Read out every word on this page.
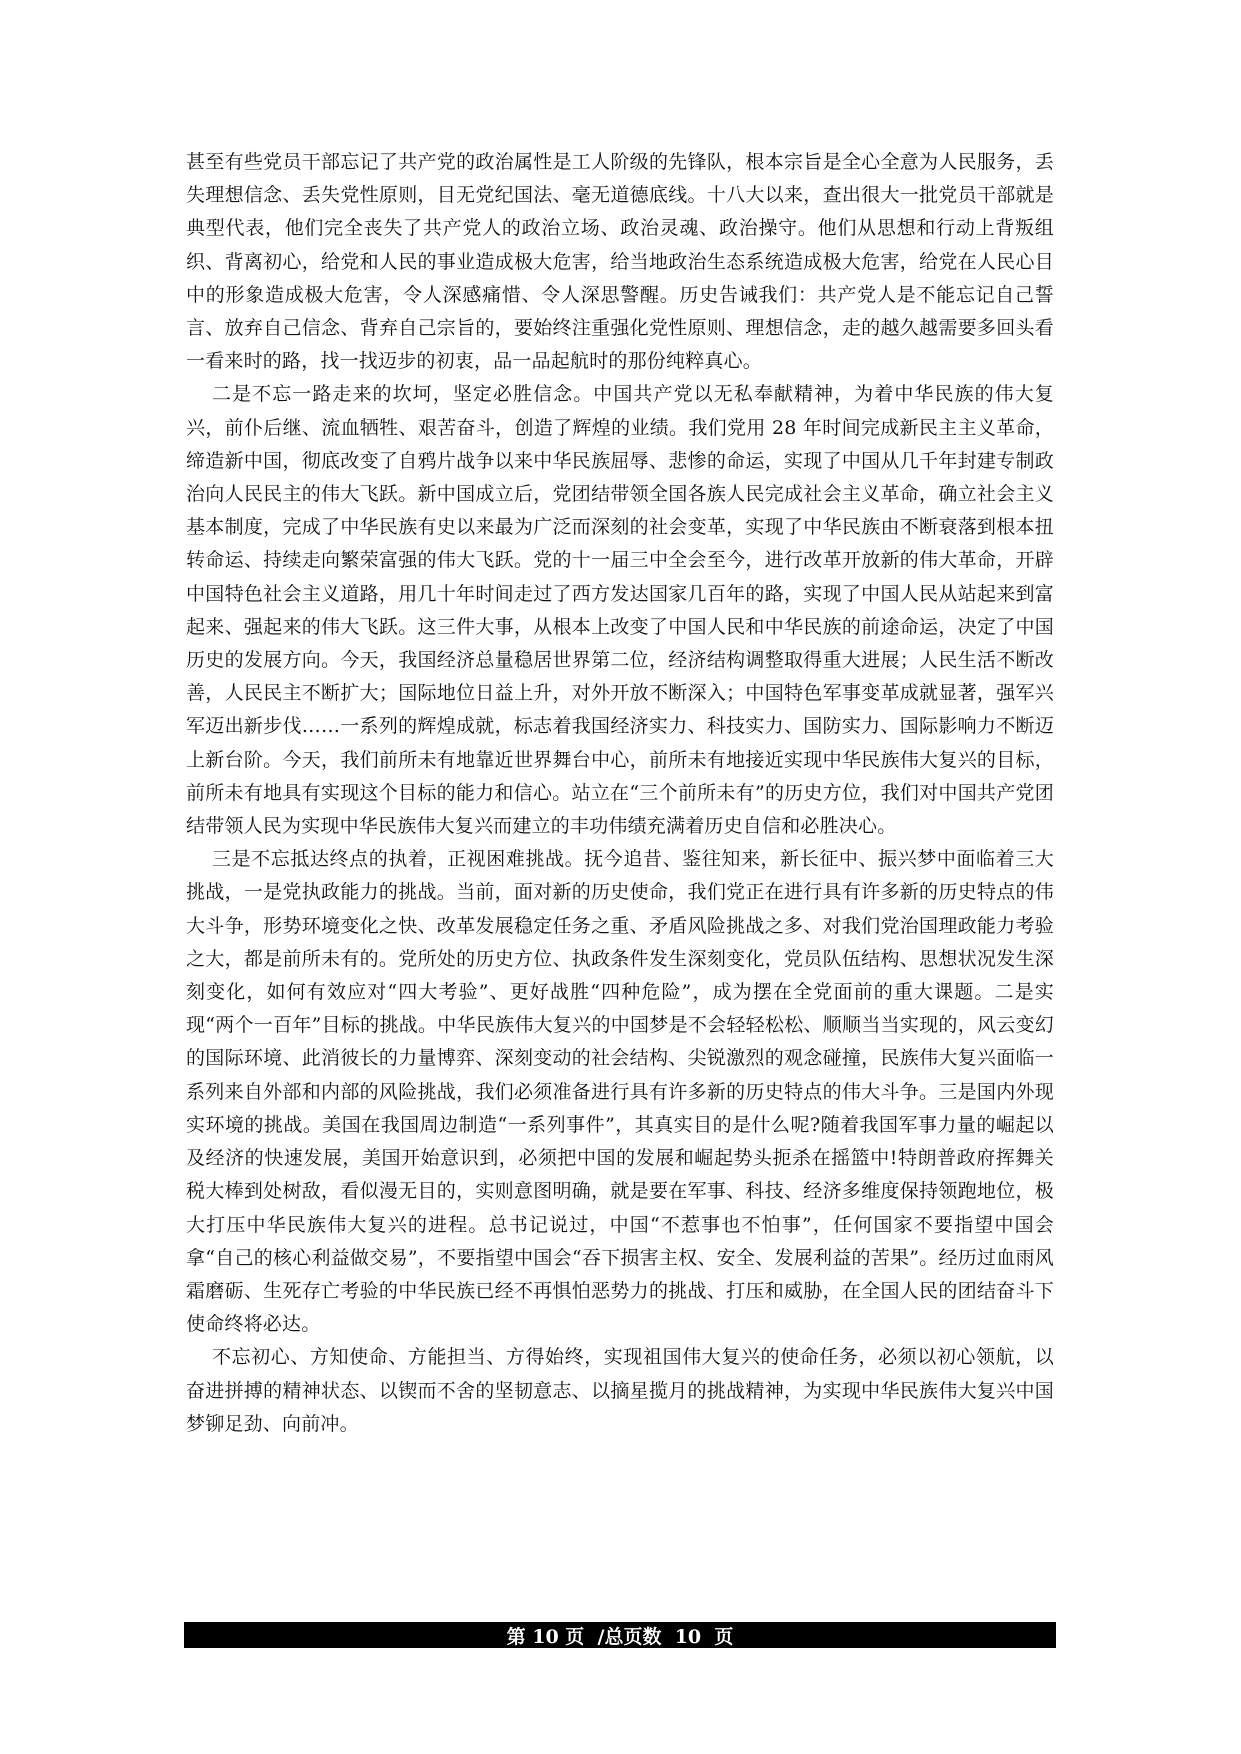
甚至有些党员干部忘记了共产党的政治属性是工人阶级的先锋队，根本宗旨是全心全意为人民服务，丢失理想信念、丢失党性原则，目无党纪国法、毫无道德底线。十八大以来，查出很大一批党员干部就是典型代表，他们完全丧失了共产党人的政治立场、政治灵魂、政治操守。他们从思想和行动上背叛组织、背离初心，给党和人民的事业造成极大危害，给当地政治生态系统造成极大危害，给党在人民心目中的形象造成极大危害，令人深感痛惜、令人深思警醒。历史告诫我们：共产党人是不能忘记自己誓言、放弃自己信念、背弃自己宗旨的，要始终注重强化党性原则、理想信念，走的越久越需要多回头看一看来时的路，找一找迈步的初衷，品一品起航时的那份纯粹真心。

二是不忘一路走来的坎坷，坚定必胜信念。中国共产党以无私奉献精神，为着中华民族的伟大复兴，前仆后继、流血牺牲、艰苦奋斗，创造了辉煌的业绩。我们党用 28 年时间完成新民主主义革命，缔造新中国，彻底改变了自鸦片战争以来中华民族屈辱、悲惨的命运，实现了中国从几千年封建专制政治向人民民主的伟大飞跃。新中国成立后，党团结带领全国各族人民完成社会主义革命，确立社会主义基本制度，完成了中华民族有史以来最为广泛而深刻的社会变革，实现了中华民族由不断衰落到根本扭转命运、持续走向繁荣富强的伟大飞跃。党的十一届三中全会至今，进行改革开放新的伟大革命，开辟中国特色社会主义道路，用几十年时间走过了西方发达国家几百年的路，实现了中国人民从站起来到富起来、强起来的伟大飞跃。这三件大事，从根本上改变了中国人民和中华民族的前途命运，决定了中国历史的发展方向。今天，我国经济总量稳居世界第二位，经济结构调整取得重大进展；人民生活不断改善，人民民主不断扩大；国际地位日益上升，对外开放不断深入；中国特色军事变革成就显著，强军兴军迈出新步伐……一系列的辉煌成就，标志着我国经济实力、科技实力、国防实力、国际影响力不断迈上新台阶。今天，我们前所未有地靠近世界舞台中心，前所未有地接近实现中华民族伟大复兴的目标，前所未有地具有实现这个目标的能力和信心。站立在“三个前所未有”的历史方位，我们对中国共产党团结带领人民为实现中华民族伟大复兴而建立的丰功伟绩充满着历史自信和必胜决心。

三是不忘抵达终点的执着，正视困难挑战。抚今追昔、鉴往知来，新长征中、振兴梦中面临着三大挑战，一是党执政能力的挑战。当前，面对新的历史使命，我们党正在进行具有许多新的历史特点的伟大斗争，形势环境变化之快、改革发展稳定任务之重、矛盾风险挑战之多、对我们党治国理政能力考验之大，都是前所未有的。党所处的历史方位、执政条件发生深刻变化，党员队伍结构、思想状况发生深刻变化，如何有效应对“四大考验”、更好战胜“四种危险”，成为摆在全党面前的重大课题。二是实现“两个一百年”目标的挑战。中华民族伟大复兴的中国梦是不会轻轻松松、顺顺当当实现的，风云变幻的国际环境、此消彼长的力量博弈、深刻变动的社会结构、尖锐激烈的观念碰撞，民族伟大复兴面临一系列来自外部和内部的风险挑战，我们必须准备进行具有许多新的历史特点的伟大斗争。三是国内外现实环境的挑战。美国在我国周边制造“一系列事件”，其真实目的是什么呢?随着我国军事力量的崛起以及经济的快速发展，美国开始意识到，必须把中国的发展和崛起势头扼杀在摇篮中!特朗普政府挥舞关税大棒到处树敌，看似漫无目的，实则意图明确，就是要在军事、科技、经济多维度保持领跑地位，极大打压中华民族伟大复兴的进程。总书记说过，中国“不惹事也不怕事”，任何国家不要指望中国会拿“自己的核心利益做交易”，不要指望中国会“吞下损害主权、安全、发展利益的苦果”。经历过血雨风霜磨砺、生死存亡考验的中华民族已经不再惧怕恶势力的挑战、打压和威胁，在全国人民的团结奋斗下使命终将必达。

不忘初心、方知使命、方能担当、方得始终，实现祖国伟大复兴的使命任务，必须以初心领航，以奋进拼搏的精神状态、以锲而不舍的坚韧意志、以摘星揽月的挑战精神，为实现中华民族伟大复兴中国梦铆足劲、向前冲。

第 10 页  /总页数  10  页
